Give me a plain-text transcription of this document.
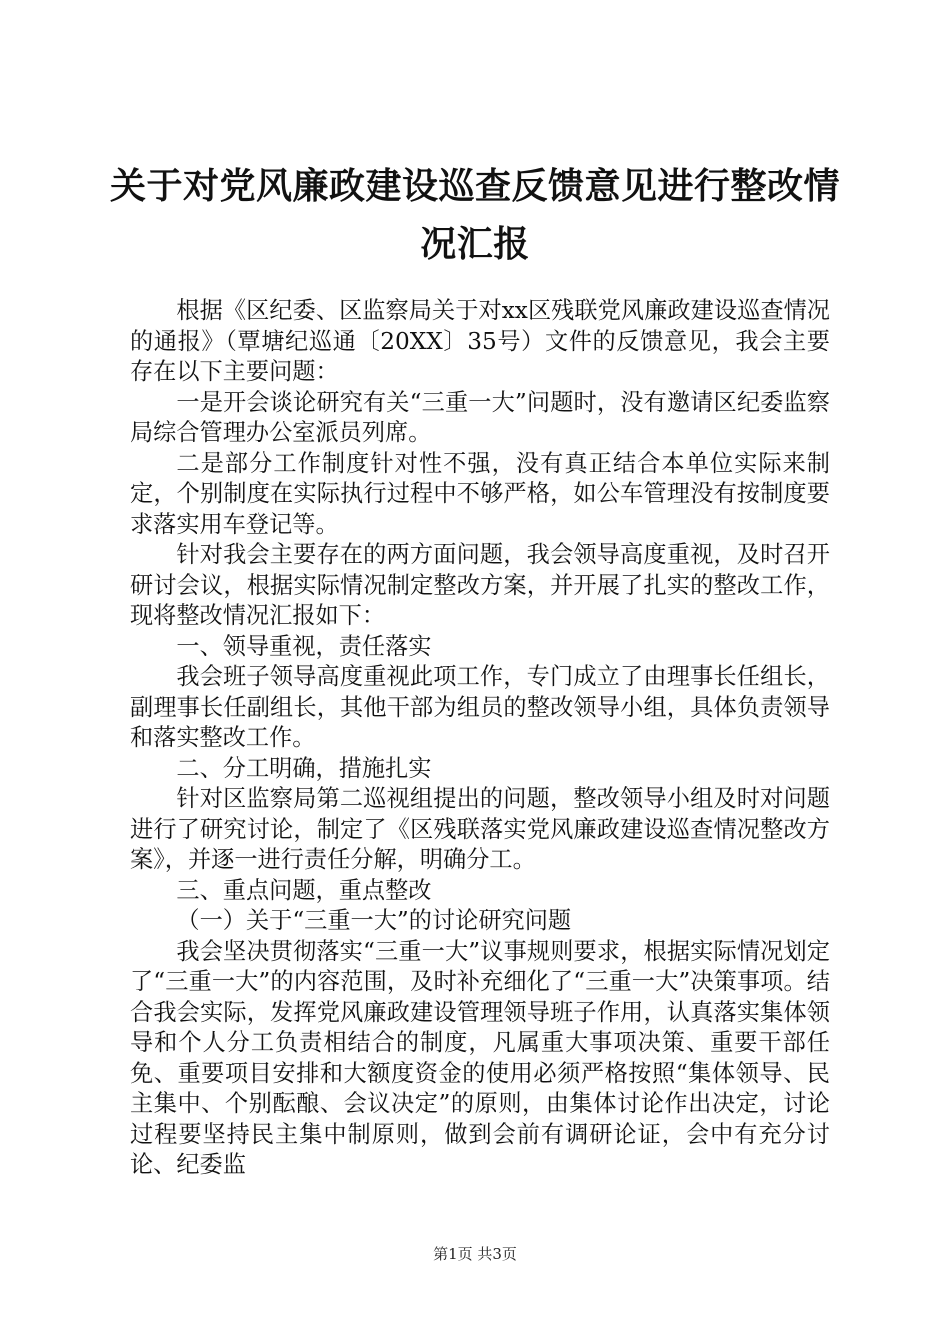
关于对党风廉政建设巡查反馈意见进行整改情况汇报

根据《区纪委、区监察局关于对xx区残联党风廉政建设巡查情况的通报》（覃塘纪巡通〔20XX〕35号）文件的反馈意见，我会主要存在以下主要问题：

一是开会谈论研究有关“三重一大”问题时，没有邀请区纪委监察局综合管理办公室派员列席。

二是部分工作制度针对性不强，没有真正结合本单位实际来制定，个别制度在实际执行过程中不够严格，如公车管理没有按制度要求落实用车登记等。

针对我会主要存在的两方面问题，我会领导高度重视，及时召开研讨会议，根据实际情况制定整改方案，并开展了扎实的整改工作，现将整改情况汇报如下：

一、领导重视，责任落实

我会班子领导高度重视此项工作，专门成立了由理事长任组长，副理事长任副组长，其他干部为组员的整改领导小组，具体负责领导和落实整改工作。

二、分工明确，措施扎实

针对区监察局第二巡视组提出的问题，整改领导小组及时对问题进行了研究讨论，制定了《区残联落实党风廉政建设巡查情况整改方案》，并逐一进行责任分解，明确分工。

三、重点问题，重点整改

（一）关于“三重一大”的讨论研究问题

我会坚决贯彻落实“三重一大”议事规则要求，根据实际情况划定了“三重一大”的内容范围，及时补充细化了“三重一大”决策事项。结合我会实际，发挥党风廉政建设管理领导班子作用，认真落实集体领导和个人分工负责相结合的制度，凡属重大事项决策、重要干部任免、重要项目安排和大额度资金的使用必须严格按照“集体领导、民主集中、个别酝酿、会议决定”的原则，由集体讨论作出决定，讨论过程要坚持民主集中制原则，做到会前有调研论证，会中有充分讨论、纪委监

第1页 共3页
